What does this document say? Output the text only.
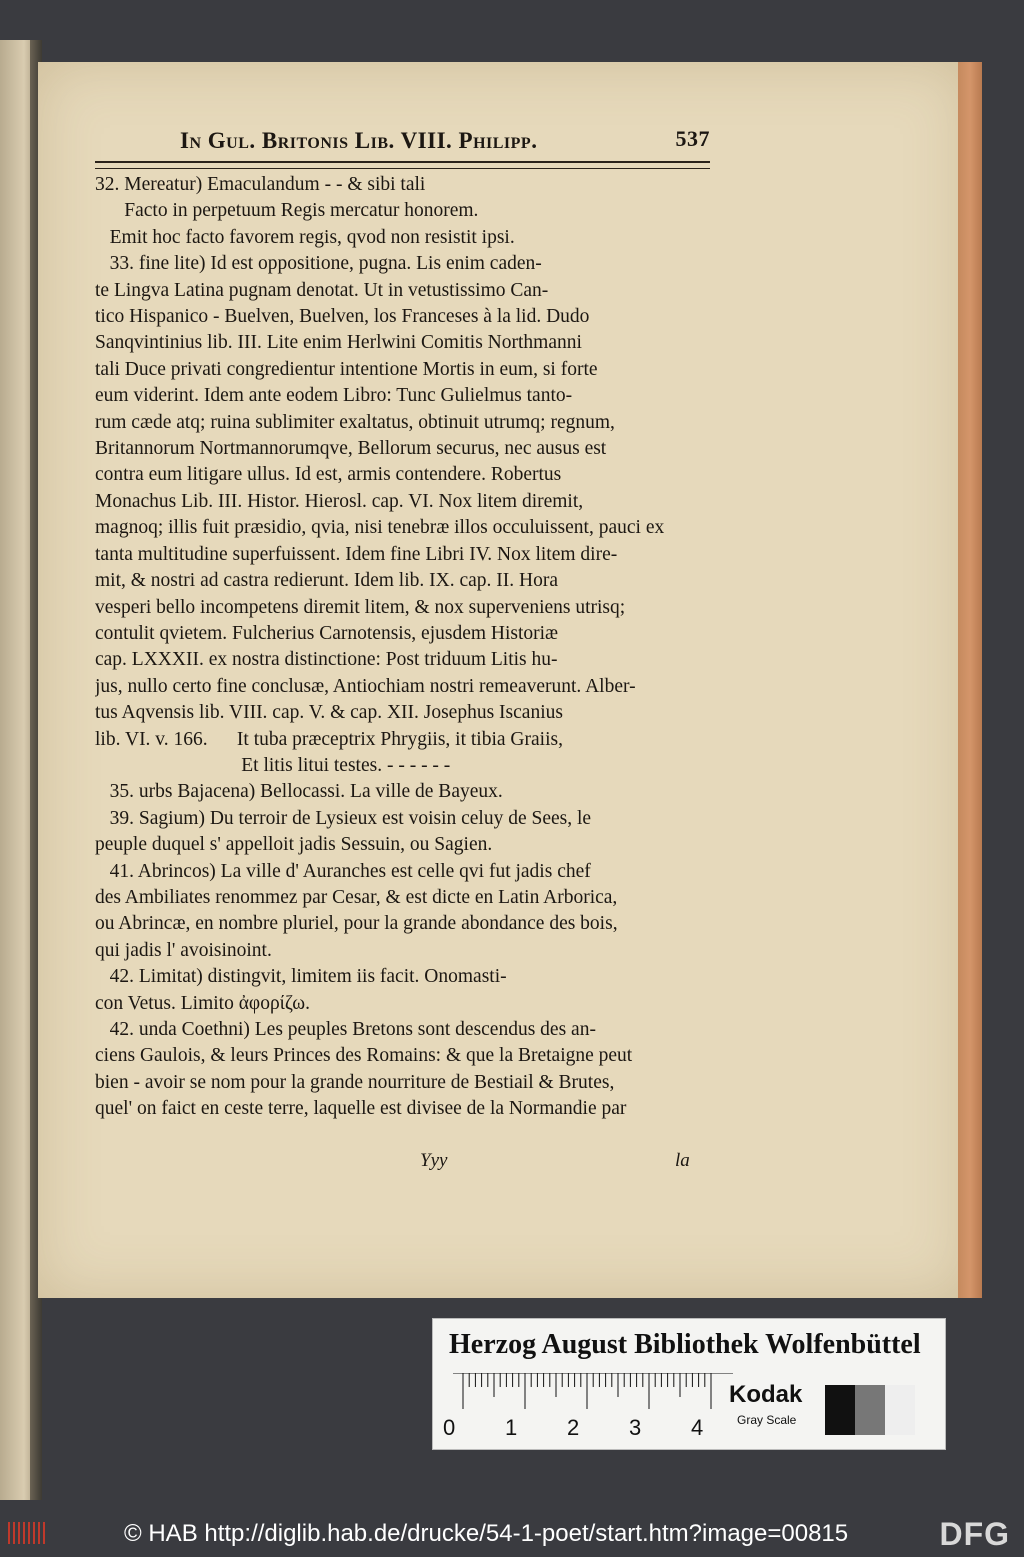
In Gul. Britonis Lib. VIII. Philipp.	537
32. Mereatur) Emaculandum - - & sibi tali
Facto in perpetuum Regis mercatur honorem.
Emit hoc facto favorem regis, qvod non resistit ipsi.
33. fine lite) Id est oppositione, pugna. Lis enim caden-
te Lingva Latina pugnam denotat. Ut in vetustissimo Can-
tico Hispanico - Buelven, Buelven, los Franceses à la lid. Dudo
Sanqvintinius lib. III. Lite enim Herlwini Comitis Northmanni
tali Duce privati congredientur intentione Mortis in eum, si forte
eum viderint. Idem ante eodem Libro: Tunc Gulielmus tanto-
rum cæde atq; ruina sublimiter exaltatus, obtinuit utrumq; regnum,
Britannorum Nortmannorumqve, Bellorum securus, nec ausus est
contra eum litigare ullus. Id est, armis contendere. Robertus
Monachus Lib. III. Histor. Hierosl. cap. VI. Nox litem diremit,
magnoq; illis fuit præsidio, qvia, nisi tenebræ illos occuluissent, pauci ex
tanta multitudine superfuissent. Idem fine Libri IV. Nox litem dire-
mit, & nostri ad castra redierunt. Idem lib. IX. cap. II. Hora
vesperi bello incompetens diremit litem, & nox superveniens utrisq;
contulit qvietem. Fulcherius Carnotensis, ejusdem Historiæ
cap. LXXXII. ex nostra distinctione: Post triduum Litis hu-
jus, nullo certo fine conclusæ, Antiochiam nostri remeaverunt. Alber-
tus Aqvensis lib. VIII. cap. V. & cap. XII. Josephus Iscanius
lib. VI. v. 166.      It tuba præceptrix Phrygiis, it tibia Graiis,
Et litis litui testes. - - - - - -
35. urbs Bajacena) Bellocassi. La ville de Bayeux.
39. Sagium) Du terroir de Lysieux est voisin celuy de Sees, le
peuple duquel s' appelloit jadis Sessuin, ou Sagien.
41. Abrincos) La ville d' Auranches est celle qvi fut jadis chef
des Ambiliates renommez par Cesar, & est dicte en Latin Arborica,
ou Abrincæ, en nombre pluriel, pour la grande abondance des bois,
qui jadis l' avoisinoint.
42. Limitat) distingvit, limitem iis facit. Onomasti-
con Vetus. Limito ἀφορίζω.
42. unda Coethni) Les peuples Bretons sont descendus des an-
ciens Gaulois, & leurs Princes des Romains: & que la Bretaigne peut
bien - avoir se nom pour la grande nourriture de Bestiail & Brutes,
quel' on faict en ceste terre, laquelle est divisee de la Normandie par
Yyy	la
Herzog August Bibliothek Wolfenbüttel
0 1 2 3 4
Kodak
Gray Scale
© HAB http://diglib.hab.de/drucke/54-1-poet/start.htm?image=00815	DFG
